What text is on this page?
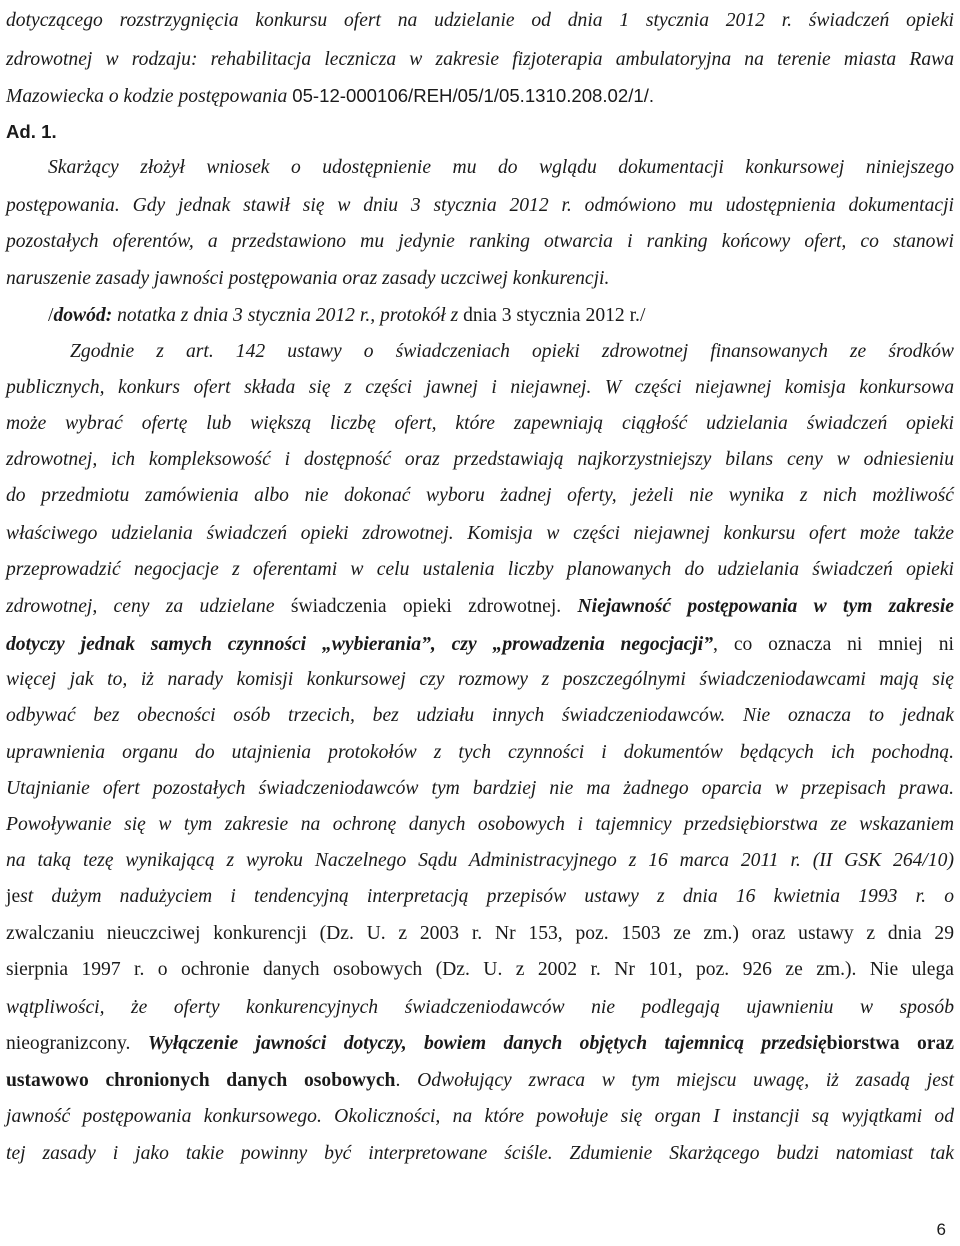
dotyczącego rozstrzygnięcia konkursu ofert na udzielanie od dnia 1 stycznia 2012 r. świadczeń opieki
zdrowotnej w rodzaju: rehabilitacja lecznicza w zakresie fizjoterapia ambulatoryjna na terenie miasta Rawa
Mazowiecka o kodzie postępowania 05-12-000106/REH/05/1/05.1310.208.02/1/.
Ad. 1.
Skarżący złożył wniosek o udostępnienie mu do wglądu dokumentacji konkursowej niniejszego
postępowania. Gdy jednak stawił się w dniu 3 stycznia 2012 r. odmówiono mu udostępnienia dokumentacji
pozostałych oferentów, a przedstawiono mu jedynie ranking otwarcia i ranking końcowy ofert, co stanowi
naruszenie zasady jawności postępowania oraz zasady uczciwej konkurencji.
/dowód: notatka z dnia 3 stycznia 2012 r., protokół z dnia 3 stycznia 2012 r./
Zgodnie z art. 142 ustawy o świadczeniach opieki zdrowotnej finansowanych ze środków
publicznych, konkurs ofert składa się z części jawnej i niejawnej. W części niejawnej komisja konkursowa
może wybrać ofertę lub większą liczbę ofert, które zapewniają ciągłość udzielania świadczeń opieki
zdrowotnej, ich kompleksowość i dostępność oraz przedstawiają najkorzystniejszy bilans ceny w odniesieniu
do przedmiotu zamówienia albo nie dokonać wyboru żadnej oferty, jeżeli nie wynika z nich możliwość
właściwego udzielania świadczeń opieki zdrowotnej. Komisja w części niejawnej konkursu ofert może także
przeprowadzić negocjacje z oferentami w celu ustalenia liczby planowanych do udzielania świadczeń opieki
zdrowotnej, ceny za udzielane świadczenia opieki zdrowotnej. Niejawność postępowania w tym zakresie
dotyczy jednak samych czynności „wybierania”, czy „prowadzenia negocjacji”, co oznacza ni mniej ni
więcej jak to, iż narady komisji konkursowej czy rozmowy z poszczególnymi świadczeniodawcami mają się
odbywać bez obecności osób trzecich, bez udziału innych świadczeniodawców. Nie oznacza to jednak
uprawnienia organu do utajnienia protokołów z tych czynności i dokumentów będących ich pochodną.
Utajnianie ofert pozostałych świadczeniodawców tym bardziej nie ma żadnego oparcia w przepisach prawa.
Powoływanie się w tym zakresie na ochronę danych osobowych i tajemnicy przedsiębiorstwa ze wskazaniem
na taką tezę wynikającą z wyroku Naczelnego Sądu Administracyjnego z 16 marca 2011 r. (II GSK 264/10)
jest dużym nadużyciem i tendencyjną interpretacją przepisów ustawy z dnia 16 kwietnia 1993 r. o
zwalczaniu nieuczciwej konkurencji (Dz. U. z 2003 r. Nr 153, poz. 1503 ze zm.) oraz ustawy z dnia 29
sierpnia 1997 r. o ochronie danych osobowych (Dz. U. z 2002 r. Nr 101, poz. 926 ze zm.). Nie ulega
wątpliwości, że oferty konkurencyjnych świadczeniodawców nie podlegają ujawnieniu w sposób
nieogranizcony. Wyłączenie jawności dotyczy, bowiem danych objętych tajemnicą przedsiębiorstwa oraz
ustawowo chronionych danych osobowych. Odwołujący zwraca w tym miejscu uwagę, iż zasadą jest
jawność postępowania konkursowego. Okoliczności, na które powołuje się organ I instancji są wyjątkami od
tej zasady i jako takie powinny być interpretowane ściśle. Zdumienie Skarżącego budzi natomiast tak
6
